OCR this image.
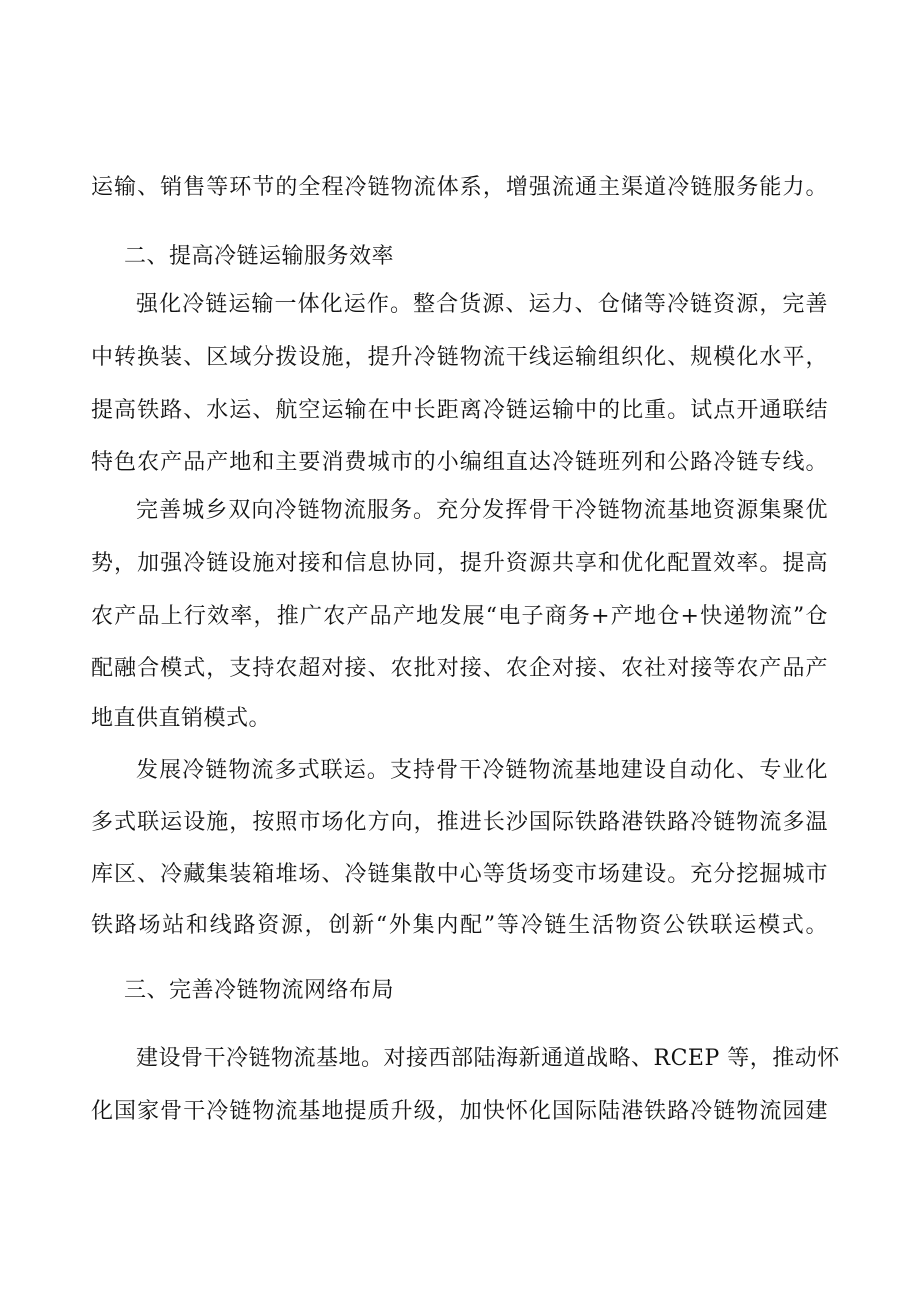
运输、销售等环节的全程冷链物流体系，增强流通主渠道冷链服务能力。
二、提高冷链运输服务效率
强化冷链运输一体化运作。整合货源、运力、仓储等冷链资源，完善
中转换装、区域分拨设施，提升冷链物流干线运输组织化、规模化水平，
提高铁路、水运、航空运输在中长距离冷链运输中的比重。试点开通联结
特色农产品产地和主要消费城市的小编组直达冷链班列和公路冷链专线。
完善城乡双向冷链物流服务。充分发挥骨干冷链物流基地资源集聚优
势，加强冷链设施对接和信息协同，提升资源共享和优化配置效率。提高
农产品上行效率，推广农产品产地发展“电子商务+产地仓+快递物流”仓
配融合模式，支持农超对接、农批对接、农企对接、农社对接等农产品产
地直供直销模式。
发展冷链物流多式联运。支持骨干冷链物流基地建设自动化、专业化
多式联运设施，按照市场化方向，推进长沙国际铁路港铁路冷链物流多温
库区、冷藏集装箱堆场、冷链集散中心等货场变市场建设。充分挖掘城市
铁路场站和线路资源，创新“外集内配”等冷链生活物资公铁联运模式。
三、完善冷链物流网络布局
建设骨干冷链物流基地。对接西部陆海新通道战略、RCEP 等，推动怀
化国家骨干冷链物流基地提质升级，加快怀化国际陆港铁路冷链物流园建
